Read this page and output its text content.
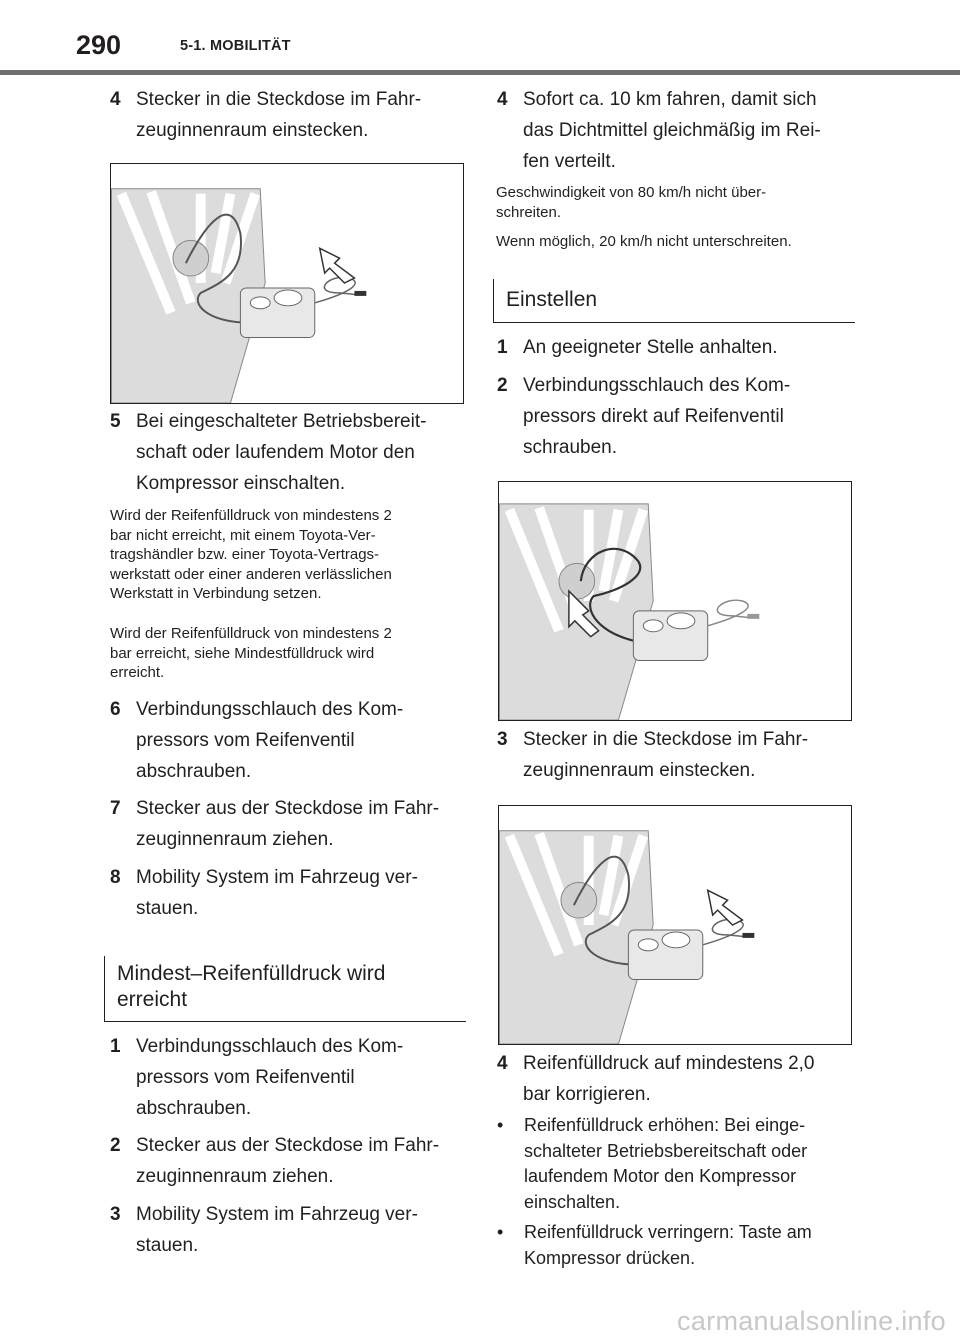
290	5-1. MOBILITÄT
4 Stecker in die Steckdose im Fahr-
zeuginnenraum einstecken.
5 Bei eingeschalteter Betriebsbereit-
schaft oder laufendem Motor den
Kompressor einschalten.
Wird der Reifenfülldruck von mindestens 2
bar nicht erreicht, mit einem Toyota-Ver-
tragshändler bzw. einer Toyota-Vertrags-
werkstatt oder einer anderen verlässlichen
Werkstatt in Verbindung setzen.
Wird der Reifenfülldruck von mindestens 2
bar erreicht, siehe Mindestfülldruck wird
erreicht.
6 Verbindungsschlauch des Kom-
pressors vom Reifenventil
abschrauben.
7 Stecker aus der Steckdose im Fahr-
zeuginnenraum ziehen.
8 Mobility System im Fahrzeug ver-
stauen.
Mindest–Reifenfülldruck wird
erreicht
1 Verbindungsschlauch des Kom-
pressors vom Reifenventil
abschrauben.
2 Stecker aus der Steckdose im Fahr-
zeuginnenraum ziehen.
3 Mobility System im Fahrzeug ver-
stauen.
4 Sofort ca. 10 km fahren, damit sich
das Dichtmittel gleichmäßig im Rei-
fen verteilt.
Geschwindigkeit von 80 km/h nicht über-
schreiten.
Wenn möglich, 20 km/h nicht unterschreiten.
Einstellen
1 An geeigneter Stelle anhalten.
2 Verbindungsschlauch des Kom-
pressors direkt auf Reifenventil
schrauben.
3 Stecker in die Steckdose im Fahr-
zeuginnenraum einstecken.
4 Reifenfülldruck auf mindestens 2,0
bar korrigieren.
• Reifenfülldruck erhöhen: Bei einge-
schalteter Betriebsbereitschaft oder
laufendem Motor den Kompressor
einschalten.
• Reifenfülldruck verringern: Taste am
Kompressor drücken.
carmanualsonline.info
